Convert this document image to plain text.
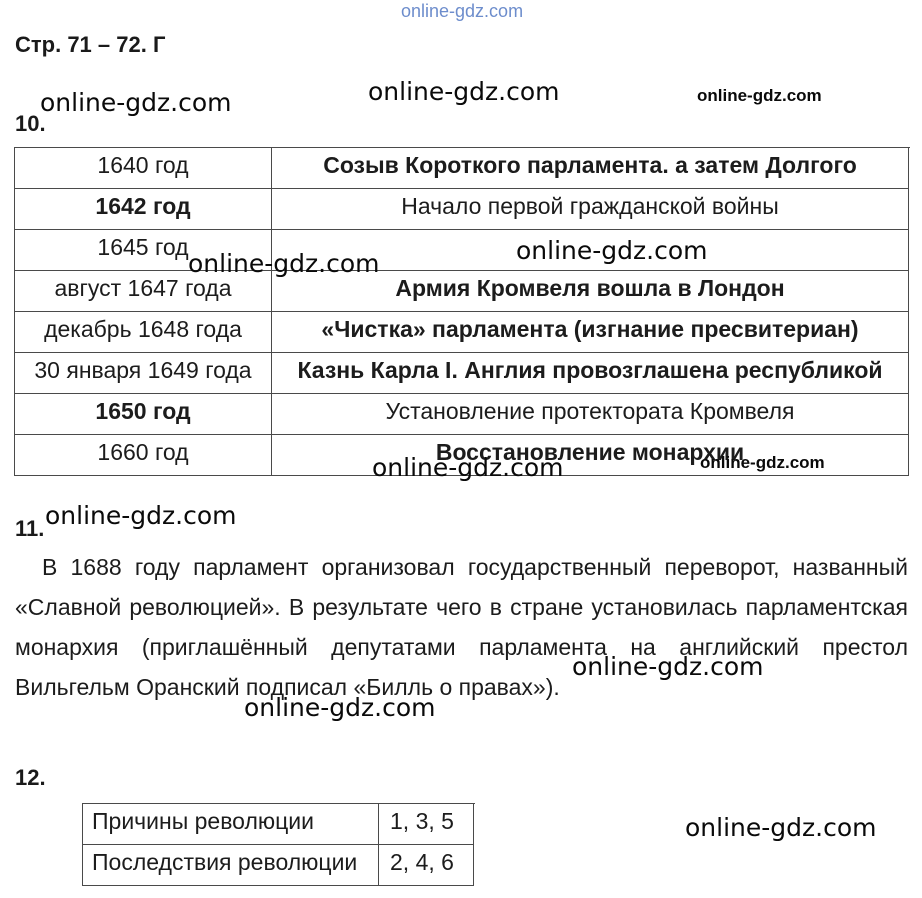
online-gdz.com
Стр. 71 – 72. Г
10.
1640 год	Созыв Короткого парламента. а затем Долгого
1642 год	Начало первой гражданской войны
1645 год
август 1647 года	Армия Кромвеля вошла в Лондон
декабрь 1648 года	«Чистка» парламента (изгнание пресвитериан)
30 января 1649 года	Казнь Карла I. Англия провозглашена республикой
1650 год	Установление протектората Кромвеля
1660 год	Восстановление монархии
11.
В 1688 году парламент организовал государственный переворот, названный
«Славной революцией». В результате чего в стране установилась парламентская
монархия (приглашённый депутатами парламента на английский престол
Вильгельм Оранский подписал «Билль о правах»).
12.
Причины революции	1, 3, 5
Последствия революции	2, 4, 6
online-gdz.com	online-gdz.com	online-gdz.com
online-gdz.com
online-gdz.com
online-gdz.com	online-gdz.com
online-gdz.com
online-gdz.com
online-gdz.com
online-gdz.com
